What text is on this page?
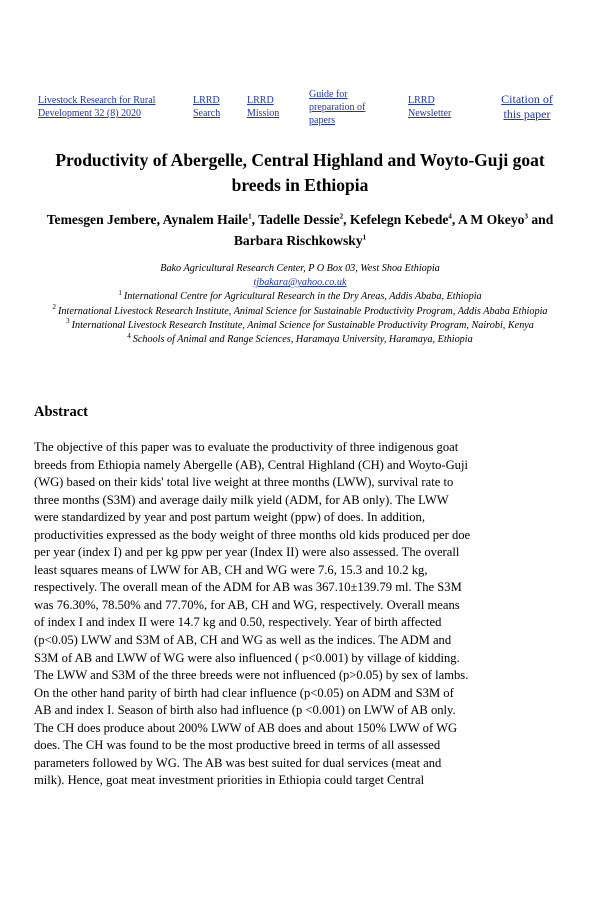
Livestock Research for Rural Development 32 (8) 2020
LRRD Search
LRRD Mission
Guide for preparation of papers
LRRD Newsletter
Citation of this paper
Productivity of Abergelle, Central Highland and Woyto-Guji goat breeds in Ethiopia

Temesgen Jembere, Aynalem Haile$^1$, Tadelle Dessie$^2$, Kefelegn Kebede$^4$, A M Okeyo$^3$ and Barbara Rischkowsky$^1$

Bako Agricultural Research Center, P O Box 03, West Shoa Ethiopia
tjbakara@yahoo.co.uk
$^1$ International Centre for Agricultural Research in the Dry Areas, Addis Ababa, Ethiopia
$^2$ International Livestock Research Institute, Animal Science for Sustainable Productivity Program, Addis Ababa Ethiopia
$^3$ International Livestock Research Institute, Animal Science for Sustainable Productivity Program, Nairobi, Kenya
$^4$ Schools of Animal and Range Sciences, Haramaya University, Haramaya, Ethiopia
Abstract
The objective of this paper was to evaluate the productivity of three indigenous goat
breeds from Ethiopia namely Abergelle (AB), Central Highland (CH) and Woyto-Guji
(WG) based on their kids' total live weight at three months (LWW), survival rate to
three months (S3M) and average daily milk yield (ADM, for AB only). The LWW
were standardized by year and post partum weight (ppw) of does. In addition,
productivities expressed as the body weight of three months old kids produced per doe
per year (index I) and per kg ppw per year (Index II) were also assessed. The overall
least squares means of LWW for AB, CH and WG were 7.6, 15.3 and 10.2 kg,
respectively. The overall mean of the ADM for AB was 367.10±139.79 ml. The S3M
was 76.30%, 78.50% and 77.70%, for AB, CH and WG, respectively. Overall means
of index I and index II were 14.7 kg and 0.50, respectively. Year of birth affected
(p<0.05) LWW and S3M of AB, CH and WG as well as the indices. The ADM and
S3M of AB and LWW of WG were also influenced ( p<0.001) by village of kidding.
The LWW and S3M of the three breeds were not influenced (p>0.05) by sex of lambs.
On the other hand parity of birth had clear influence (p<0.05) on ADM and S3M of
AB and index I. Season of birth also had influence (p <0.001) on LWW of AB only.
The CH does produce about 200% LWW of AB does and about 150% LWW of WG
does. The CH was found to be the most productive breed in terms of all assessed
parameters followed by WG. The AB was best suited for dual services (meat and
milk). Hence, goat meat investment priorities in Ethiopia could target Central
